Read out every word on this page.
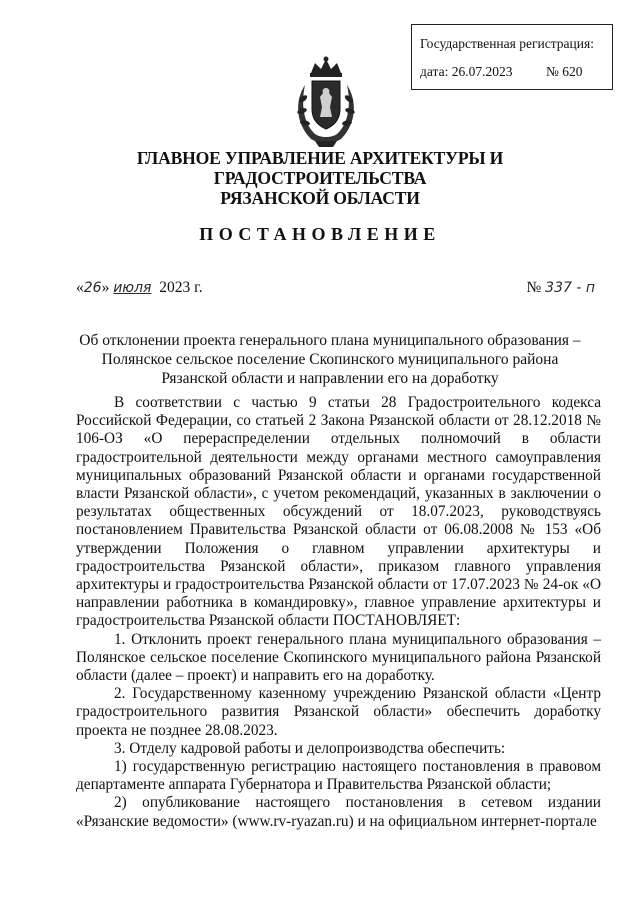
Государственная регистрация:
дата: 26.07.2023 № 620
ГЛАВНОЕ УПРАВЛЕНИЕ АРХИТЕКТУРЫ И ГРАДОСТРОИТЕЛЬСТВА
РЯЗАНСКОЙ ОБЛАСТИ
ПОСТАНОВЛЕНИЕ
«26» июля 2023 г.	№ 337 - п
Об отклонении проекта генерального плана муниципального образования –
Полянское сельское поселение Скопинского муниципального района
Рязанской области и направлении его на доработку

В соответствии с частью 9 статьи 28 Градостроительного кодекса Российской Федерации, со статьей 2 Закона Рязанской области от 28.12.2018 № 106-ОЗ «О перераспределении отдельных полномочий в области градостроительной деятельности между органами местного самоуправления муниципальных образований Рязанской области и органами государственной власти Рязанской области», с учетом рекомендаций, указанных в заключении о результатах общественных обсуждений от 18.07.2023, руководствуясь постановлением Правительства Рязанской области от 06.08.2008 № 153 «Об утверждении Положения о главном управлении архитектуры и градостроительства Рязанской области», приказом главного управления архитектуры и градостроительства Рязанской области от 17.07.2023 № 24-ок «О направлении работника в командировку», главное управление архитектуры и градостроительства Рязанской области ПОСТАНОВЛЯЕТ:

1. Отклонить проект генерального плана муниципального образования – Полянское сельское поселение Скопинского муниципального района Рязанской области (далее – проект) и направить его на доработку.

2. Государственному казенному учреждению Рязанской области «Центр градостроительного развития Рязанской области» обеспечить доработку проекта не позднее 28.08.2023.

3. Отделу кадровой работы и делопроизводства обеспечить:

1) государственную регистрацию настоящего постановления в правовом департаменте аппарата Губернатора и Правительства Рязанской области;

2) опубликование настоящего постановления в сетевом издании «Рязанские ведомости» (www.rv-ryazan.ru) и на официальном интернет-портале
